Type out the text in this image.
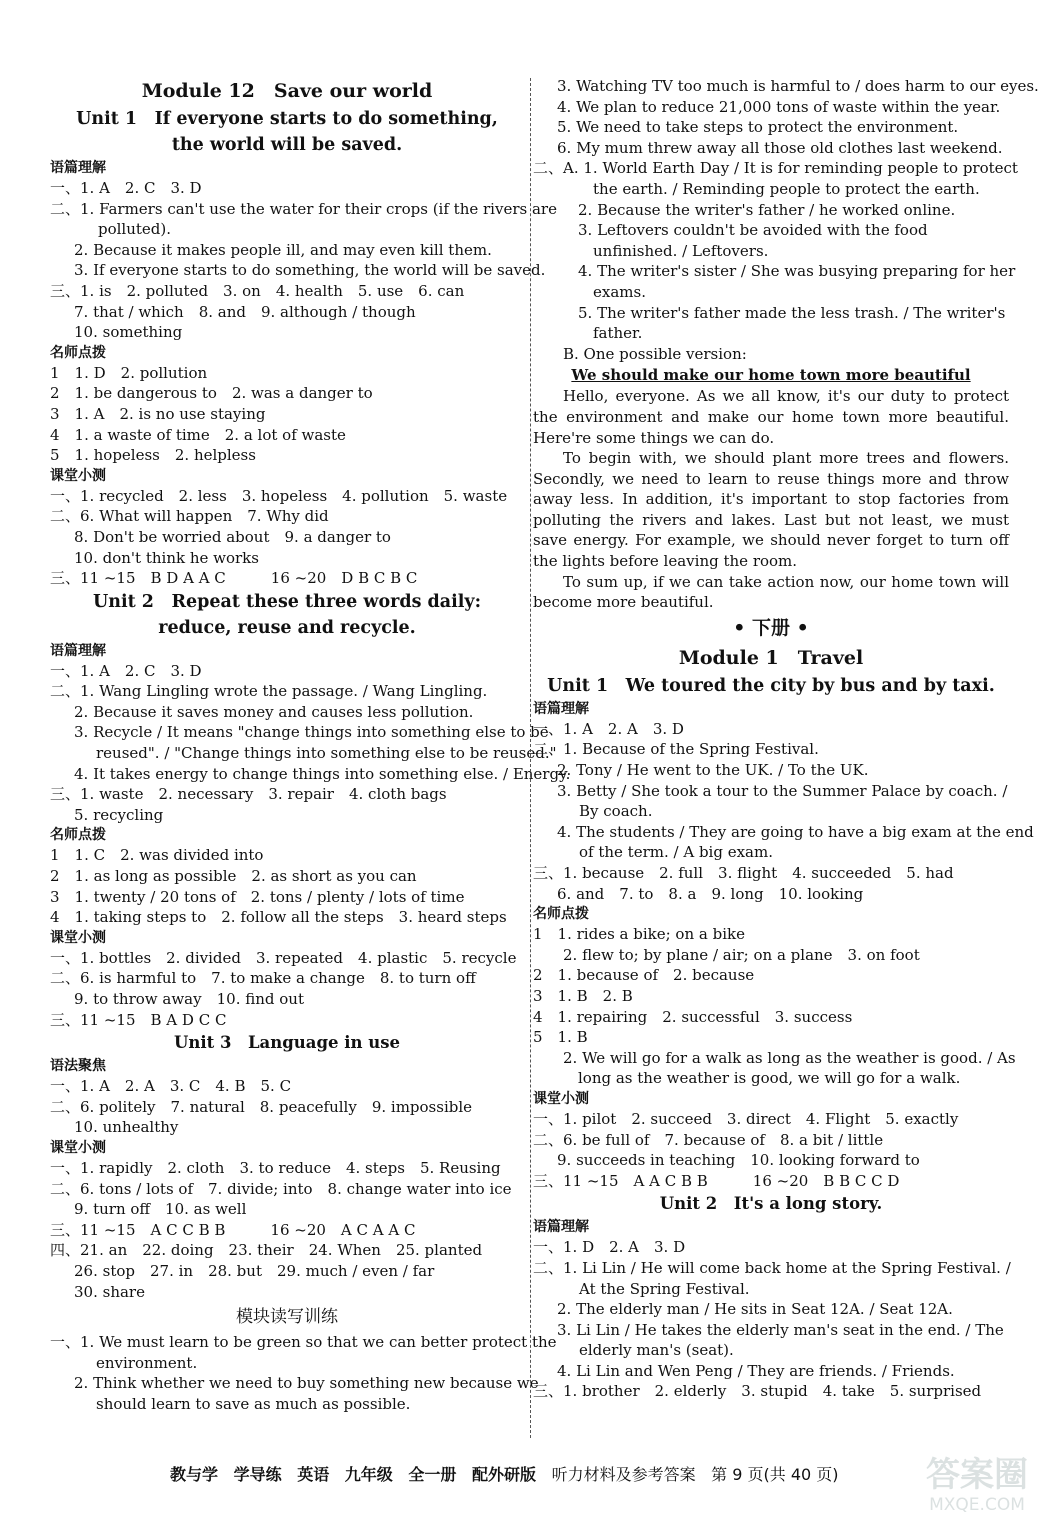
Module 12　Save our world
Unit 1　If everyone starts to do something,
the world will be saved.
语篇理解
一、1. A　2. C　3. D
二、1. Farmers can't use the water for their crops (if the rivers are
polluted).
2. Because it makes people ill, and may even kill them.
3. If everyone starts to do something, the world will be saved.
三、1. is　2. polluted　3. on　4. health　5. use　6. can
7. that / which　8. and　9. although / though
10. something
名师点拨
1　1. D　2. pollution
2　1. be dangerous to　2. was a danger to
3　1. A　2. is no use staying
4　1. a waste of time　2. a lot of waste
5　1. hopeless　2. helpless
课堂小测
一、1. recycled　2. less　3. hopeless　4. pollution　5. waste
二、6. What will happen　7. Why did
8. Don't be worried about　9. a danger to
10. don't think he works
三、11 ~15　B D A A C　　　16 ~20　D B C B C
Unit 2　Repeat these three words daily:
reduce, reuse and recycle.
语篇理解
一、1. A　2. C　3. D
二、1. Wang Lingling wrote the passage. / Wang Lingling.
2. Because it saves money and causes less pollution.
3. Recycle / It means "change things into something else to be
reused". / "Change things into something else to be reused."
4. It takes energy to change things into something else. / Energy.
三、1. waste　2. necessary　3. repair　4. cloth bags
5. recycling
名师点拨
1　1. C　2. was divided into
2　1. as long as possible　2. as short as you can
3　1. twenty / 20 tons of　2. tons / plenty / lots of time
4　1. taking steps to　2. follow all the steps　3. heard steps
课堂小测
一、1. bottles　2. divided　3. repeated　4. plastic　5. recycle
二、6. is harmful to　7. to make a change　8. to turn off
9. to throw away　10. find out
三、11 ~15　B A D C C
Unit 3　Language in use
语法聚焦
一、1. A　2. A　3. C　4. B　5. C
二、6. politely　7. natural　8. peacefully　9. impossible
10. unhealthy
课堂小测
一、1. rapidly　2. cloth　3. to reduce　4. steps　5. Reusing
二、6. tons / lots of　7. divide; into　8. change water into ice
9. turn off　10. as well
三、11 ~15　A C C B B　　　16 ~20　A C A A C
四、21. an　22. doing　23. their　24. When　25. planted
26. stop　27. in　28. but　29. much / even / far
30. share
模块读写训练
一、1. We must learn to be green so that we can better protect the
environment.
2. Think whether we need to buy something new because we
should learn to save as much as possible.
3. Watching TV too much is harmful to / does harm to our eyes.
4. We plan to reduce 21,000 tons of waste within the year.
5. We need to take steps to protect the environment.
6. My mum threw away all those old clothes last weekend.
二、A. 1. World Earth Day / It is for reminding people to protect
　　　　the earth. / Reminding people to protect the earth.
　　　2. Because the writer's father / he worked online.
　　　3. Leftovers couldn't be avoided with the food
　　　　unfinished. / Leftovers.
　　　4. The writer's sister / She was busying preparing for her
　　　　exams.
　　　5. The writer's father made the less trash. / The writer's
　　　　father.
　　B. One possible version:
We should make our home town more beautiful
Hello, everyone. As we all know, it's our duty to protect the environment and make our home town more beautiful. Here're some things we can do.
To begin with, we should plant more trees and flowers. Secondly, we need to learn to reuse things more and throw away less. In addition, it's important to stop factories from polluting the rivers and lakes. Last but not least, we must save energy. For example, we should never forget to turn off the lights before leaving the room.
To sum up, if we can take action now, our home town will become more beautiful.
• 下册 •
Module 1　Travel
Unit 1　We toured the city by bus and by taxi.
语篇理解
一、1. A　2. A　3. D
二、1. Because of the Spring Festival.
2. Tony / He went to the UK. / To the UK.
3. Betty / She took a tour to the Summer Palace by coach. /
By coach.
4. The students / They are going to have a big exam at the end
of the term. / A big exam.
三、1. because　2. full　3. flight　4. succeeded　5. had
6. and　7. to　8. a　9. long　10. looking
名师点拨
1　1. rides a bike; on a bike
　　2. flew to; by plane / air; on a plane　3. on foot
2　1. because of　2. because
3　1. B　2. B
4　1. repairing　2. successful　3. success
5　1. B
　　2. We will go for a walk as long as the weather is good. / As
　　　long as the weather is good, we will go for a walk.
课堂小测
一、1. pilot　2. succeed　3. direct　4. Flight　5. exactly
二、6. be full of　7. because of　8. a bit / little
9. succeeds in teaching　10. looking forward to
三、11 ~15　A A C B B　　　16 ~20　B B C C D
Unit 2　It's a long story.
语篇理解
一、1. D　2. A　3. D
二、1. Li Lin / He will come back home at the Spring Festival. /
At the Spring Festival.
2. The elderly man / He sits in Seat 12A. / Seat 12A.
3. Li Lin / He takes the elderly man's seat in the end. / The
elderly man's (seat).
4. Li Lin and Wen Peng / They are friends. / Friends.
三、1. brother　2. elderly　3. stupid　4. take　5. surprised
教与学 学导练 英语 九年级 全一册 配外研版 听力材料及参考答案 第 9 页(共 40 页)	答案圈
MXQE.COM
